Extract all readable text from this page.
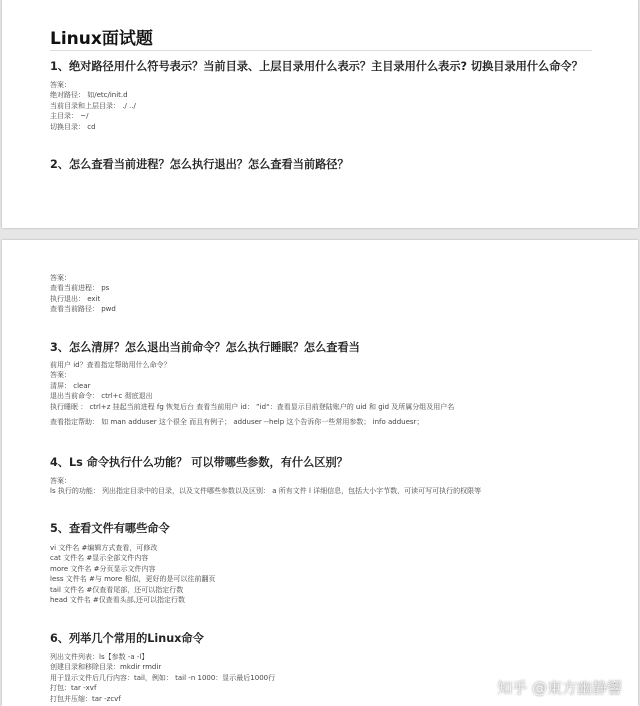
Linux面试题
1、绝对路径用什么符号表示？当前目录、上层目录用什么表示？主目录用什么表示? 切换目录用什么命令？
答案：
绝对路径： 如/etc/init.d
当前目录和上层目录： ./ ../
主目录： ~/
切换目录： cd
2、怎么查看当前进程？怎么执行退出？怎么查看当前路径？
答案：
查看当前进程： ps
执行退出： exit
查看当前路径： pwd
3、怎么清屏？怎么退出当前命令？怎么执行睡眠？怎么查看当
前用户 id？查看指定帮助用什么命令？
答案：
清屏： clear
退出当前命令： ctrl+c 彻底退出
执行睡眠 ： ctrl+z 挂起当前进程 fg 恢复后台 查看当前用户 id： ”id“：查看显示目前登陆账户的 uid 和 gid 及所属分组及用户名
查看指定帮助： 如 man adduser 这个很全 而且有例子； adduser --help 这个告诉你一些常用参数； info adduesr；
4、Ls 命令执行什么功能？ 可以带哪些参数，有什么区别？
答案：
ls 执行的功能： 列出指定目录中的目录，以及文件哪些参数以及区别： a 所有文件 l 详细信息，包括大小字节数，可读可写可执行的权限等
5、查看文件有哪些命令
vi 文件名 #编辑方式查看，可修改
cat 文件名 #显示全部文件内容
more 文件名 #分页显示文件内容
less 文件名 #与 more 相似，更好的是可以往前翻页
tail 文件名 #仅查看尾部，还可以指定行数
head 文件名 #仅查看头部,还可以指定行数
6、列举几个常用的Linux命令
列出文件列表：ls【参数 -a -l】
创建目录和移除目录：mkdir rmdir
用于显示文件后几行内容：tail，例如： tail -n 1000：显示最后1000行
打包：tar -xvf
打包并压缩：tar -zcvf
知乎 @東方幽静響
